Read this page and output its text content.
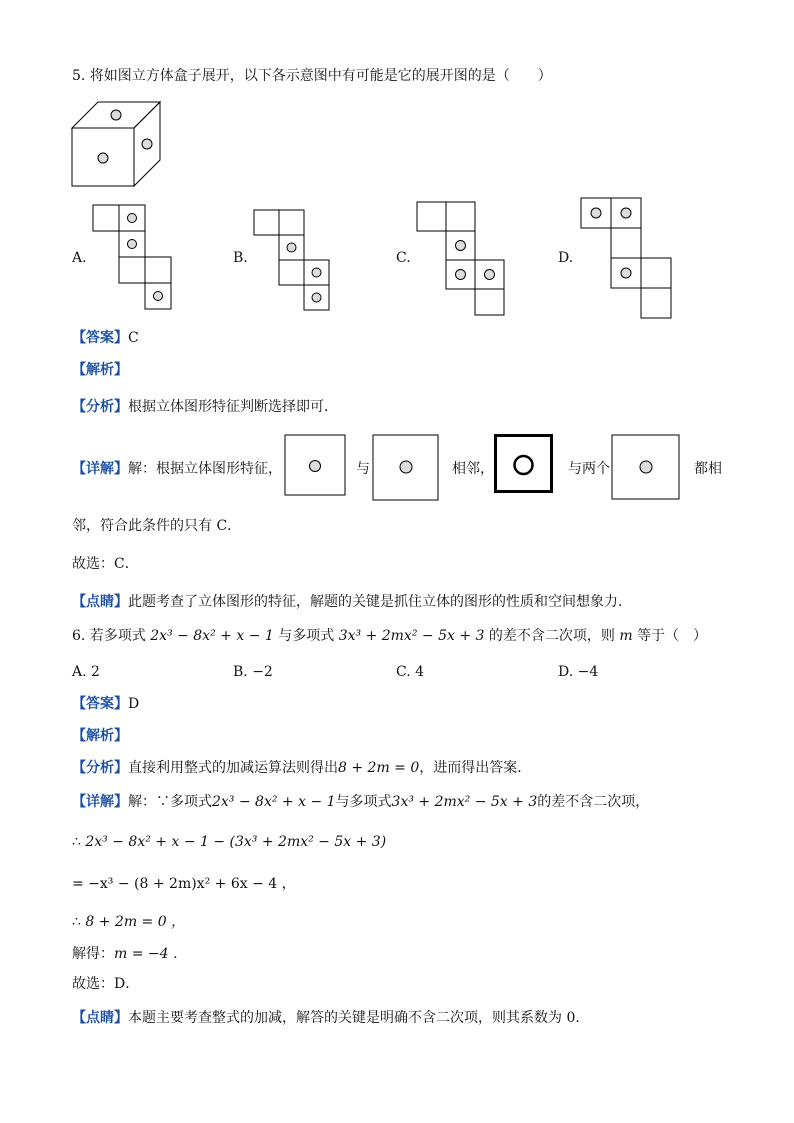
5. 将如图立方体盒子展开，以下各示意图中有可能是它的展开图的是（　　）
A.	B.	C.	D.
【答案】C
【解析】
【分析】根据立体图形特征判断选择即可．
【详解】解：根据立体图形特征，	与	相邻，	与两个	都相
邻，符合此条件的只有 C．
故选：C．
【点睛】此题考查了立体图形的特征，解题的关键是抓住立体的图形的性质和空间想象力．
6. 若多项式 2x³ − 8x² + x − 1 与多项式 3x³ + 2mx² − 5x + 3 的差不含二次项，则 m 等于（　）
A. 2	B. −2	C. 4	D. −4
【答案】D
【解析】
【分析】直接利用整式的加减运算法则得出8 + 2m = 0，进而得出答案．
【详解】解：∵多项式2x³ − 8x² + x − 1与多项式3x³ + 2mx² − 5x + 3的差不含二次项，
∴ 2x³ − 8x² + x − 1 − (3x³ + 2mx² − 5x + 3)
= −x³ − (8 + 2m)x² + 6x − 4 ，
∴ 8 + 2m = 0 ，
解得：m = −4 ．
故选：D．
【点睛】本题主要考查整式的加减，解答的关键是明确不含二次项，则其系数为 0．
